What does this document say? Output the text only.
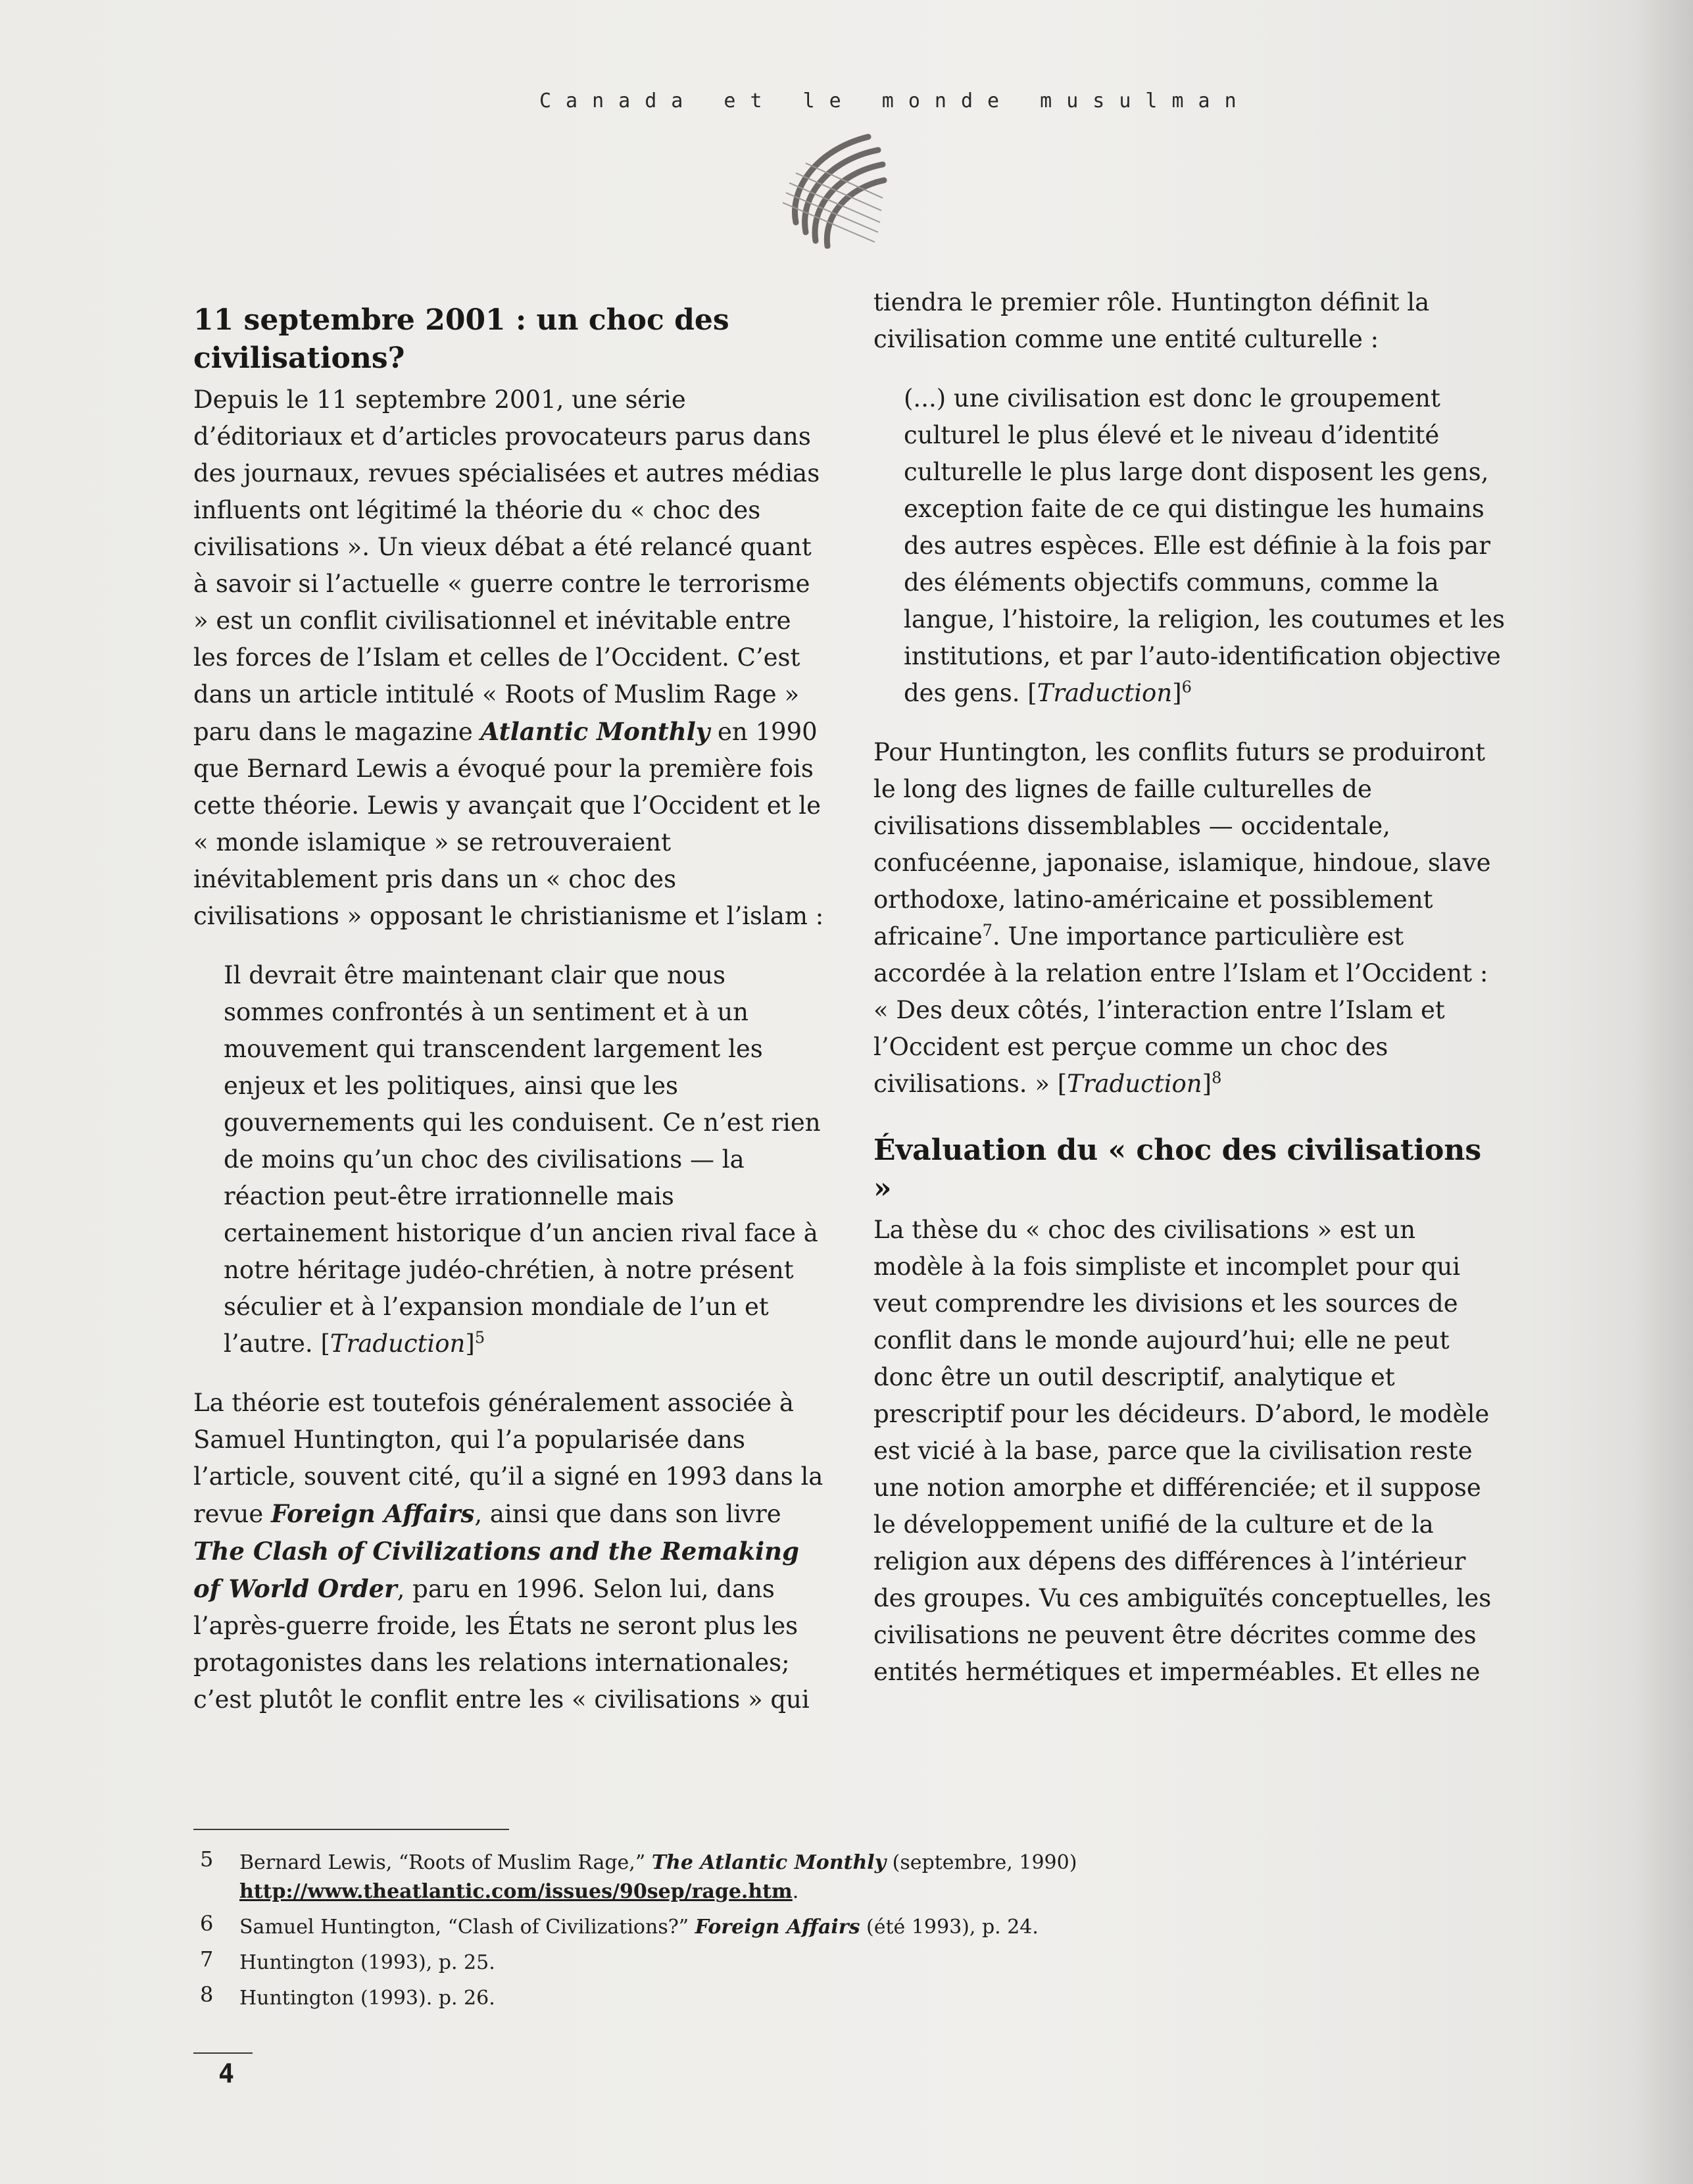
Canada et le monde musulman
11 septembre 2001 : un choc des civilisations?

Depuis le 11 septembre 2001, une série d’éditoriaux et d’articles provocateurs parus dans des journaux, revues spécialisées et autres médias influents ont légitimé la théorie du « choc des civilisations ». Un vieux débat a été relancé quant à savoir si l’actuelle « guerre contre le terrorisme » est un conflit civilisationnel et inévitable entre les forces de l’Islam et celles de l’Occident. C’est dans un article intitulé « Roots of Muslim Rage » paru dans le magazine Atlantic Monthly en 1990 que Bernard Lewis a évoqué pour la première fois cette théorie. Lewis y avançait que l’Occident et le « monde islamique » se retrouveraient inévitablement pris dans un « choc des civilisations » opposant le christianisme et l’islam :

Il devrait être maintenant clair que nous sommes confrontés à un sentiment et à un mouvement qui transcendent largement les enjeux et les politiques, ainsi que les gouvernements qui les conduisent. Ce n’est rien de moins qu’un choc des civilisations — la réaction peut-être irrationnelle mais certainement historique d’un ancien rival face à notre héritage judéo-chrétien, à notre présent séculier et à l’expansion mondiale de l’un et l’autre. [Traduction]$^5$

La théorie est toutefois généralement associée à Samuel Huntington, qui l’a popularisée dans l’article, souvent cité, qu’il a signé en 1993 dans la revue Foreign Affairs, ainsi que dans son livre The Clash of Civilizations and the Remaking of World Order, paru en 1996. Selon lui, dans l’après-guerre froide, les États ne seront plus les protagonistes dans les relations internationales; c’est plutôt le conflit entre les « civilisations » qui

tiendra le premier rôle. Huntington définit la civilisation comme une entité culturelle :

(...) une civilisation est donc le groupement culturel le plus élevé et le niveau d’identité culturelle le plus large dont disposent les gens, exception faite de ce qui distingue les humains des autres espèces. Elle est définie à la fois par des éléments objectifs communs, comme la langue, l’histoire, la religion, les coutumes et les institutions, et par l’auto-identification objective des gens. [Traduction]$^6$

Pour Huntington, les conflits futurs se produiront le long des lignes de faille culturelles de civilisations dissemblables — occidentale, confucéenne, japonaise, islamique, hindoue, slave orthodoxe, latino-américaine et possiblement africaine$^7$. Une importance particulière est accordée à la relation entre l’Islam et l’Occident : « Des deux côtés, l’interaction entre l’Islam et l’Occident est perçue comme un choc des civilisations. » [Traduction]$^8$

Évaluation du « choc des civilisations »

La thèse du « choc des civilisations » est un modèle à la fois simpliste et incomplet pour qui veut comprendre les divisions et les sources de conflit dans le monde aujourd’hui; elle ne peut donc être un outil descriptif, analytique et prescriptif pour les décideurs. D’abord, le modèle est vicié à la base, parce que la civilisation reste une notion amorphe et différenciée; et il suppose le développement unifié de la culture et de la religion aux dépens des différences à l’intérieur des groupes. Vu ces ambiguïtés conceptuelles, les civilisations ne peuvent être décrites comme des entités hermétiques et imperméables. Et elles ne

5 Bernard Lewis, “Roots of Muslim Rage,” The Atlantic Monthly (septembre, 1990)
http://www.theatlantic.com/issues/90sep/rage.htm.
6 Samuel Huntington, “Clash of Civilizations?” Foreign Affairs (été 1993), p. 24.
7 Huntington (1993), p. 25.
8 Huntington (1993). p. 26.
4
